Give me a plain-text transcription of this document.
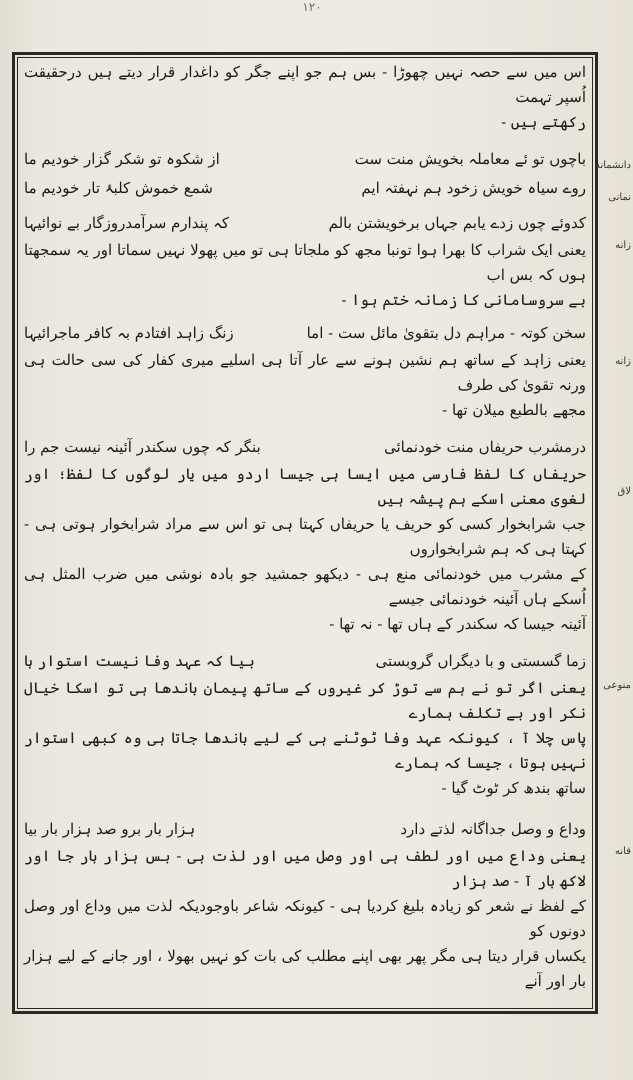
۱۲۰
دانشمانه
نمانی
زانه
زانه
لاق
منوعی
قانه
اس میں سے حصہ نہیں چھوڑا - بس ہم جو اپنے جگر کو داغدار قرار دیتے ہیں درحقیقت اُسپر تہمت
رکھتے ہیں -
باچوں تو ئے معاملہ بخویش منت ست
از شکوہ تو شکر گزار خودیم ما
روے سیاہ خویش زخود ہم نہفتہ ایم
شمع خموش کلبۂ تار خودیم ما
کدوئے چوں زدے یابم جہاں برخویشتن بالم
کہ پندارم سرآمدروزگار بے نوائیہا
یعنی ایک شراب کا بھرا ہوا تونبا مجھ کو ملجاتا ہی تو میں پھولا نہیں سماتا اور یہ سمجھتا ہوں کہ بس اب
بے سروسامانی کا زمانہ ختم ہوا -
سخن کوتہ - مراہم دل بتقویٰ مائل ست - اما
زنگ زاہد افتادم بہ کافر ماجرائیہا
یعنی زاہد کے ساتھ ہم نشین ہونے سے عار آتا ہی اسلیے میری کفار کی سی حالت ہی ورنہ تقویٰ کی طرف
مجھے بالطبع میلان تھا -
درمشرب حریفاں منت خودنمائی
بنگر کہ چوں سکندر آئینہ نیست جم را
حریفاں کا لفظ فارسی میں ایسا ہی جیسا اردو میں یار لوگوں کا لفظ؛ اور لغوی معنی اسکے ہم پیشہ ہیں
جب شرابخوار کسی کو حریف یا حریفاں کہتا ہی تو اس سے مراد شرابخوار ہوتی ہی - کہتا ہی کہ ہم شرابخواروں
کے مشرب میں خودنمائی منع ہی - دیکھو جمشید جو بادہ نوشی میں ضرب المثل ہی اُسکے ہاں آئینہ خودنمائی جیسے
آئینہ جیسا کہ سکندر کے ہاں تھا - نہ تھا -
زما گسستی و با دیگراں گروبستی
بیا کہ عہد وفا نیست استوار ہا
یعنی اگر تو نے ہم سے توڑ کر غیروں کے ساتھ پیمان باندھا ہی تو اسکا خیال نکر اور بے تکلف ہمارے
پاس چلا آ ، کیونکہ عہد وفا ٹوٹنے ہی کے لیے باندھا جاتا ہی وہ کبھی استوار نہیں ہوتا ، جیسا کہ ہمارے
ساتھ بندھ کر ٹوٹ گیا -
وداع و وصل جداگانہ لذتے دارد
ہزار بار برو صد ہزار بار بیا
یعنی وداع میں اور لطف ہی اور وصل میں اور لذت ہی - بس ہزار بار جا اور لاکھ بار آ - صد ہزار
کے لفظ نے شعر کو زیادہ بلیغ کردیا ہی - کیونکہ شاعر باوجودیکہ لذت میں وداع اور وصل دونوں کو
یکساں قرار دیتا ہی مگر پھر بھی اپنے مطلب کی بات کو نہیں بھولا ، اور جانے کے لیے ہزار بار اور آنے
